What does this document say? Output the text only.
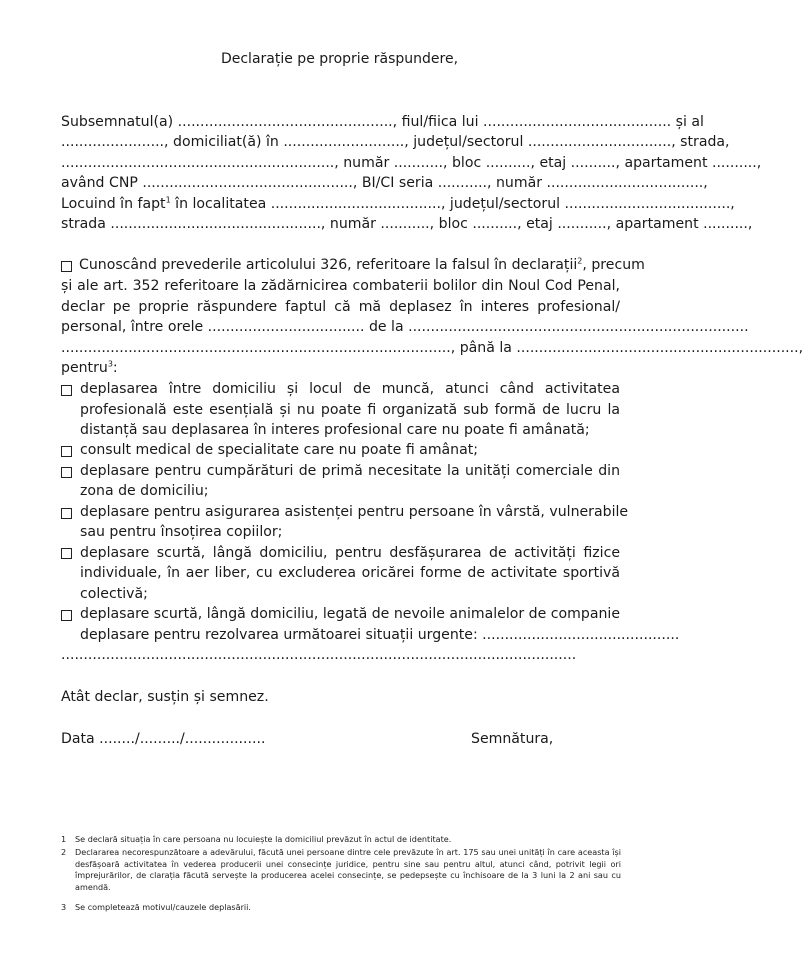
Declarație pe proprie răspundere,
Subsemnatul(a) ................................................, fiul/fiica lui .......................................... și al
......................., domiciliat(ă) în ..........................., județul/sectorul ................................, strada,
............................................................., număr ..........., bloc .........., etaj .........., apartament ..........,
având CNP ..............................................., BI/CI seria ..........., număr ...................................,
Locuind în fapt$^1$ în localitatea ......................................, județul/sectorul .....................................,
strada ..............................................., număr ..........., bloc .........., etaj ..........., apartament ..........,
Cunoscând prevederile articolului 326, referitoare la falsul în declarații$^2$, precum
și ale art. 352 referitoare la zădărnicirea combaterii bolilor din Noul Cod Penal,
declar pe proprie răspundere faptul că mă deplasez în interes profesional/
personal, între orele ................................... de la ............................................................................
......................................................................................., până la ...............................................................,
pentru$^3$:
deplasarea între domiciliu și locul de muncă, atunci când activitatea
profesională este esențială și nu poate fi organizată sub formă de lucru la
distanță sau deplasarea în interes profesional care nu poate fi amânată;
consult medical de specialitate care nu poate fi amânat;
deplasare pentru cumpărături de primă necesitate la unități comerciale din
zona de domiciliu;
deplasare pentru asigurarea asistenței pentru persoane în vârstă, vulnerabile
sau pentru însoțirea copiilor;
deplasare scurtă, lângă domiciliu, pentru desfășurarea de activități fizice
individuale, în aer liber, cu excluderea oricărei forme de activitate sportivă
colectivă;
deplasare scurtă, lângă domiciliu, legată de nevoile animalelor de companie
deplasare pentru rezolvarea următoarei situații urgente: ............................................
...................................................................................................................
Atât declar, susțin și semnez.
Data ......../........./..................	Semnătura,
1 Se declară situația în care persoana nu locuiește la domiciliul prevăzut în actul de identitate.
2 Declararea necorespunzătoare a adevărului, făcută unei persoane dintre cele prevăzute în art. 175 sau unei unități în care aceasta își desfășoară activitatea în vederea producerii unei consecințe juridice, pentru sine sau pentru altul, atunci când, potrivit legii ori împrejurărilor, de clarația făcută servește la producerea acelei consecințe, se pedepsește cu închisoare de la 3 luni la 2 ani sau cu amendă.
3 Se completează motivul/cauzele deplasării.
